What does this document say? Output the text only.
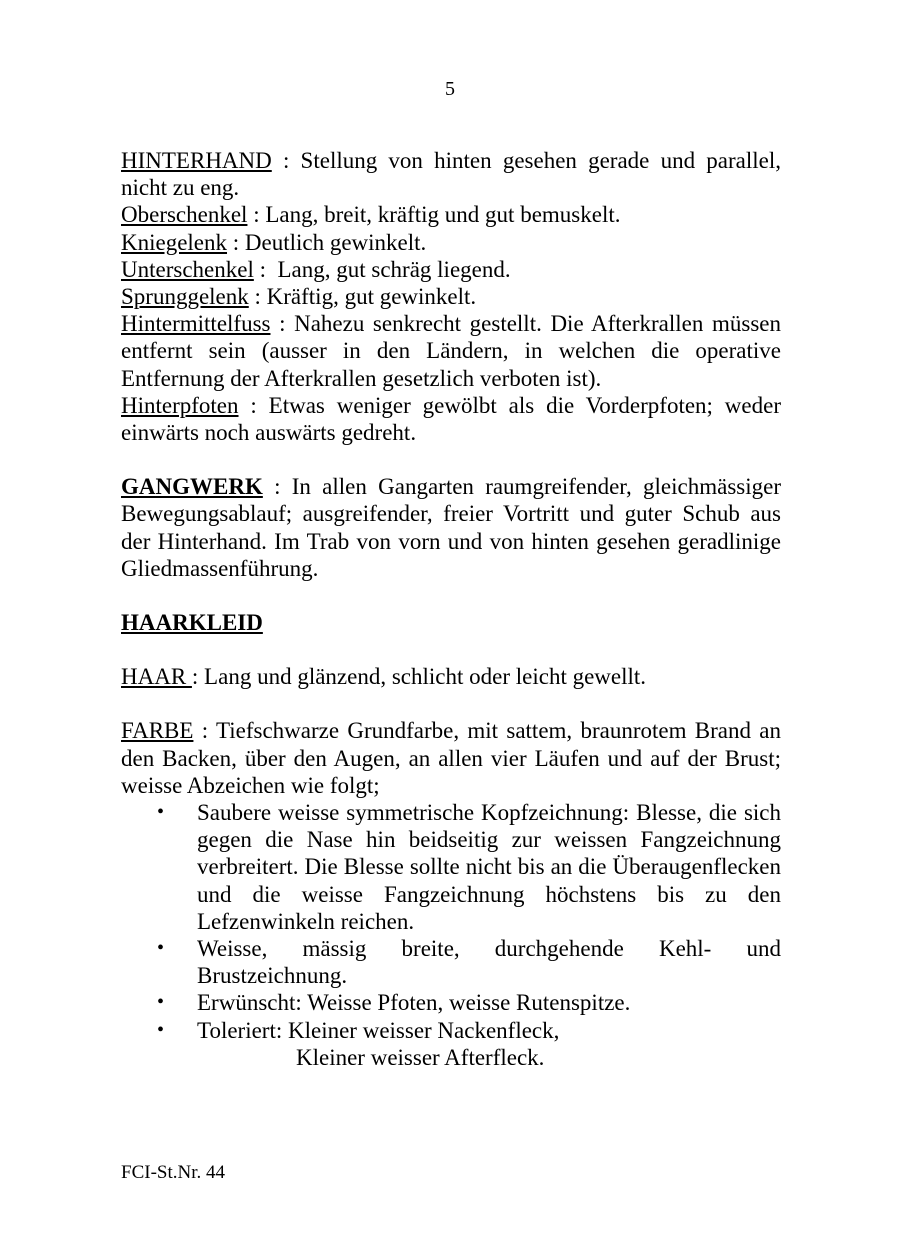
5

HINTERHAND : Stellung von hinten gesehen gerade und parallel, nicht zu eng.

Oberschenkel : Lang, breit, kräftig und gut bemuskelt.

Kniegelenk : Deutlich gewinkelt.

Unterschenkel :  Lang, gut schräg liegend.

Sprunggelenk : Kräftig, gut gewinkelt.

Hintermittelfuss : Nahezu senkrecht gestellt. Die Afterkrallen müssen entfernt sein (ausser in den Ländern, in welchen die operative Entfernung der Afterkrallen gesetzlich verboten ist).

Hinterpfoten : Etwas weniger gewölbt als die Vorderpfoten; weder einwärts noch auswärts gedreht.

GANGWERK : In allen Gangarten raumgreifender, gleichmässiger Bewegungsablauf; ausgreifender, freier Vortritt und guter Schub aus der Hinterhand. Im Trab von vorn und von hinten gesehen geradlinige Gliedmassenführung.

HAARKLEID

HAAR : Lang und glänzend, schlicht oder leicht gewellt.

FARBE : Tiefschwarze Grundfarbe, mit sattem, braunrotem Brand an den Backen, über den Augen, an allen vier Läufen und auf der Brust; weisse Abzeichen wie folgt;

• Saubere weisse symmetrische Kopfzeichnung: Blesse, die sich gegen die Nase hin beidseitig zur weissen Fangzeichnung verbreitert. Die Blesse sollte nicht bis an die Überaugenflecken und die weisse Fangzeichnung höchstens bis zu den Lefzenwinkeln reichen.
• Weisse, mässig breite, durchgehende Kehl- und Brustzeichnung.
• Erwünscht: Weisse Pfoten, weisse Rutenspitze.
• Toleriert: Kleiner weisser Nackenfleck,

Kleiner weisser Afterfleck.

FCI-St.Nr. 44
